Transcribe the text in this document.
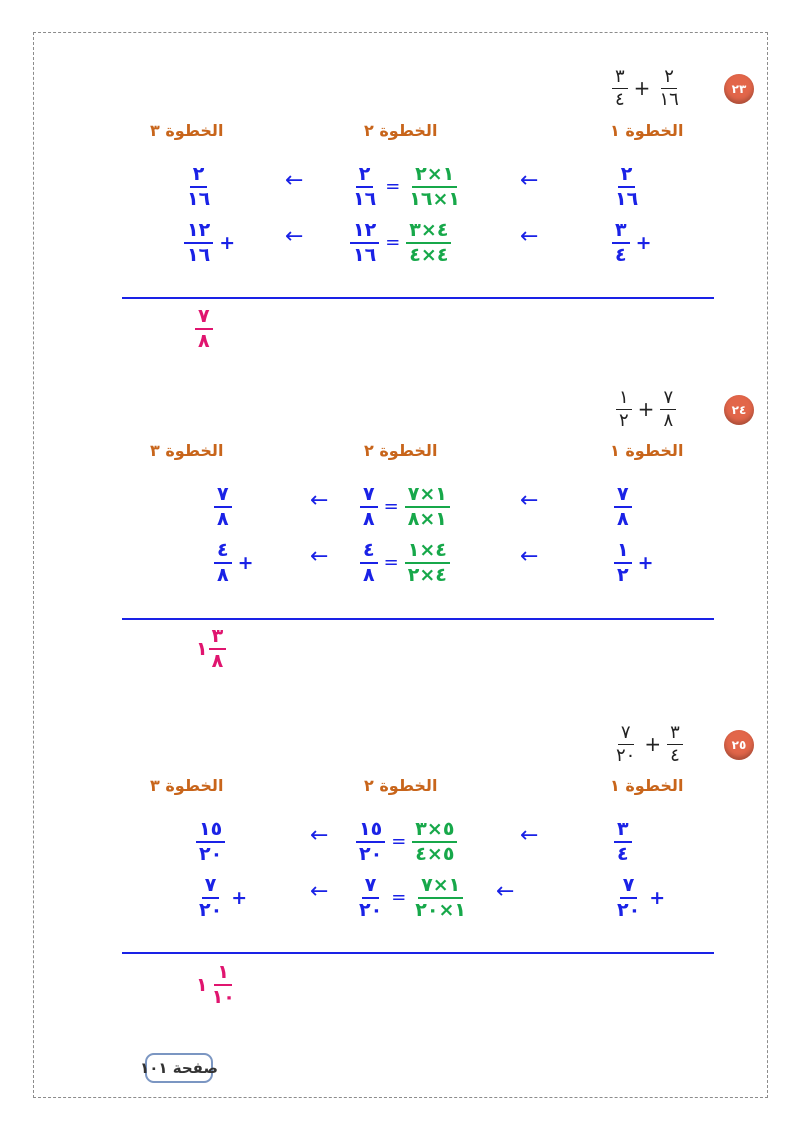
٢٣
$\frac{٣}{٤} + \frac{٢}{١٦}$
الخطوة ١
الخطوة ٢
الخطوة ٣
$\frac{٢}{١٦}$
←
$\frac{٢}{١٦} = \frac{١\times ٢}{١\times ١٦}$
←
$\frac{٢}{١٦}$
$\frac{٣}{٤}$ +
←
$\frac{١٢}{١٦} = \frac{٤\times ٣}{٤\times ٤}$
←
$\frac{١٢}{١٦}$ +
$\frac{٧}{٨}$
٢٤
$\frac{١}{٢} + \frac{٧}{٨}$
الخطوة ١
الخطوة ٢
الخطوة ٣
$\frac{٧}{٨}$
←
$\frac{٧}{٨} = \frac{١\times ٧}{١\times ٨}$
←
$\frac{٧}{٨}$
$\frac{١}{٢}$ +
←
$\frac{٤}{٨} = \frac{٤\times ١}{٤\times ٢}$
←
$\frac{٤}{٨}$ +
١ $\frac{٣}{٨}$
٢٥
$\frac{٧}{٢٠} + \frac{٣}{٤}$
الخطوة ١
الخطوة ٢
الخطوة ٣
$\frac{٣}{٤}$
←
$\frac{١٥}{٢٠} = \frac{٥\times ٣}{٥\times ٤}$
←
$\frac{١٥}{٢٠}$
$\frac{٧}{٢٠}$ +
←
$\frac{٧}{٢٠} = \frac{١\times ٧}{١\times ٢٠}$
←
$\frac{٧}{٢٠}$ +
١ $\frac{١}{١٠}$
صفحة ١٠١
